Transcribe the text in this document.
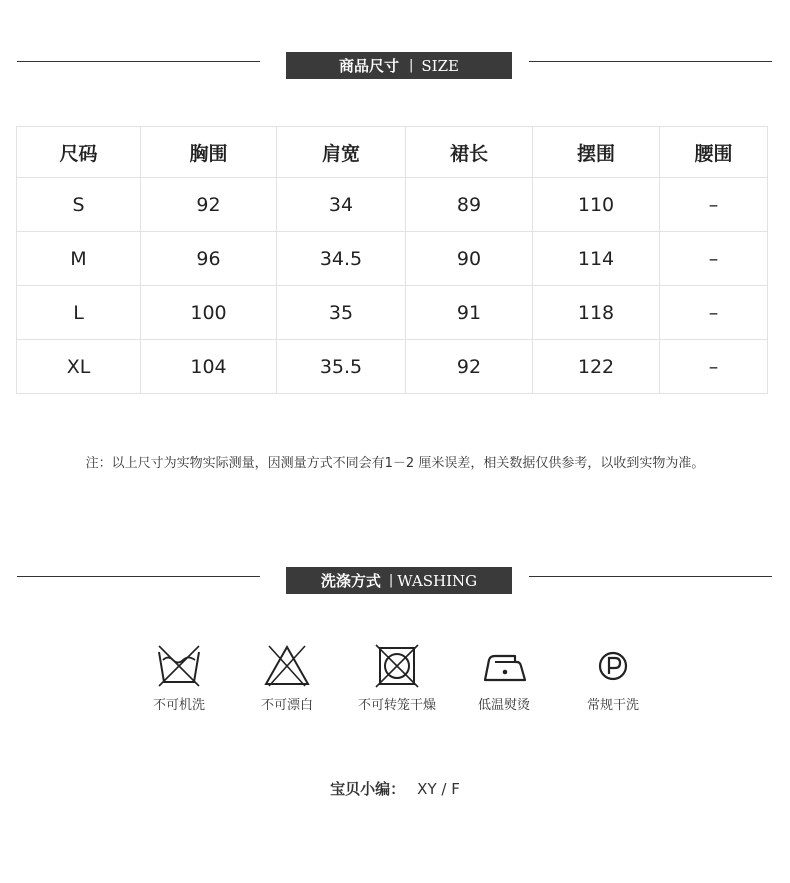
商品尺寸 | SIZE
尺码	胸围	肩宽	裙长	摆围	腰围
S	92	34	89	110	–
M	96	34.5	90	114	–
L	100	35	91	118	–
XL	104	35.5	92	122	–
注：以上尺寸为实物实际测量，因测量方式不同会有1－2 厘米误差，相关数据仅供参考，以收到实物为准。
洗涤方式 | WASHING
不可机洗	不可漂白	不可转笼干燥	低温熨烫	常规干洗
宝贝小编： XY / F
